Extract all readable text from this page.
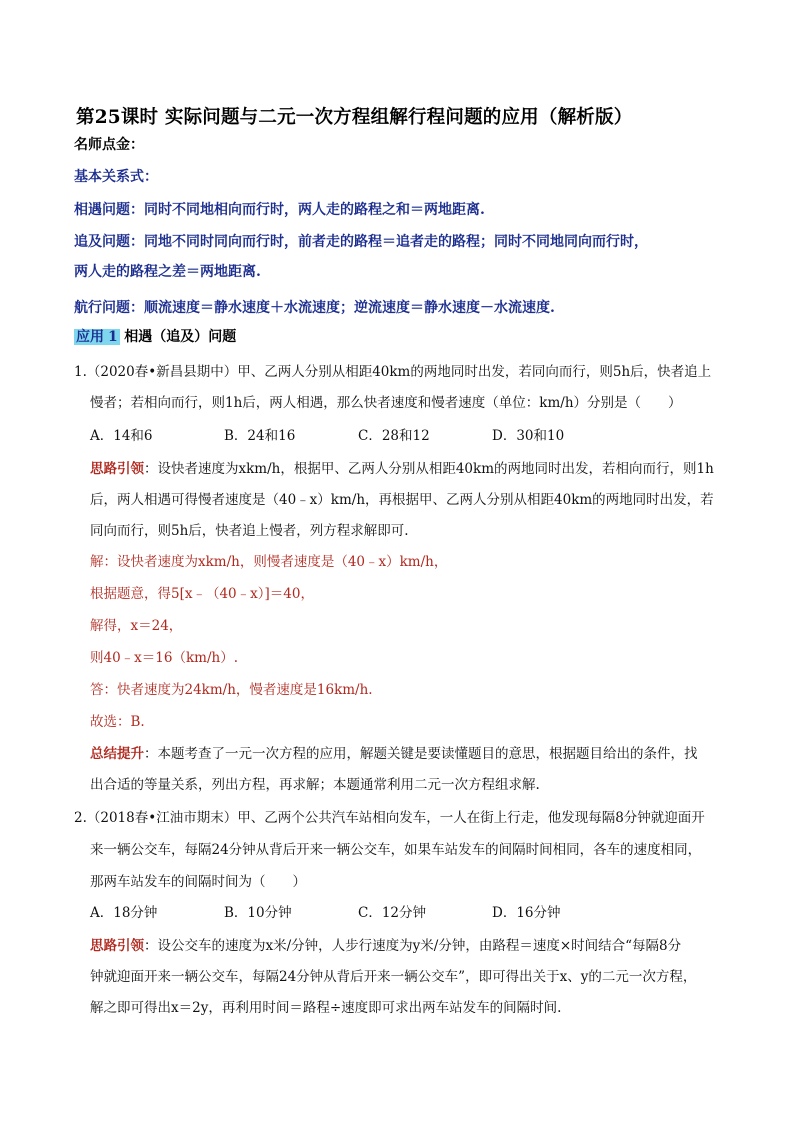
第25课时 实际问题与二元一次方程组解行程问题的应用（解析版）
名师点金：
基本关系式：
相遇问题：同时不同地相向而行时，两人走的路程之和＝两地距离.
追及问题：同地不同时同向而行时，前者走的路程＝追者走的路程；同时不同地同向而行时，
两人走的路程之差＝两地距离.
航行问题：顺流速度＝静水速度＋水流速度；逆流速度＝静水速度－水流速度.
应用 1 相遇（追及）问题
1.（2020春•新昌县期中）甲、乙两人分别从相距40km的两地同时出发，若同向而行，则5h后，快者追上
慢者；若相向而行，则1h后，两人相遇，那么快者速度和慢者速度（单位：km/h）分别是（　　）
A．14和6	B．24和16	C．28和12	D．30和10
思路引领：设快者速度为xkm/h，根据甲、乙两人分别从相距40km的两地同时出发，若相向而行，则1h
后，两人相遇可得慢者速度是（40﹣x）km/h，再根据甲、乙两人分别从相距40km的两地同时出发，若
同向而行，则5h后，快者追上慢者，列方程求解即可.
解：设快者速度为xkm/h，则慢者速度是（40﹣x）km/h，
根据题意，得5[x﹣（40﹣x）]＝40，
解得，x＝24，
则40﹣x＝16（km/h）.
答：快者速度为24km/h，慢者速度是16km/h.
故选：B.
总结提升：本题考查了一元一次方程的应用，解题关键是要读懂题目的意思，根据题目给出的条件，找
出合适的等量关系，列出方程，再求解；本题通常利用二元一次方程组求解.
2.（2018春•江油市期末）甲、乙两个公共汽车站相向发车，一人在街上行走，他发现每隔8分钟就迎面开
来一辆公交车，每隔24分钟从背后开来一辆公交车，如果车站发车的间隔时间相同，各车的速度相同，
那两车站发车的间隔时间为（　　）
A．18分钟	B．10分钟	C．12分钟	D．16分钟
思路引领：设公交车的速度为x米/分钟，人步行速度为y米/分钟，由路程＝速度×时间结合“每隔8分
钟就迎面开来一辆公交车，每隔24分钟从背后开来一辆公交车”，即可得出关于x、y的二元一次方程，
解之即可得出x＝2y，再利用时间＝路程÷速度即可求出两车站发车的间隔时间.
